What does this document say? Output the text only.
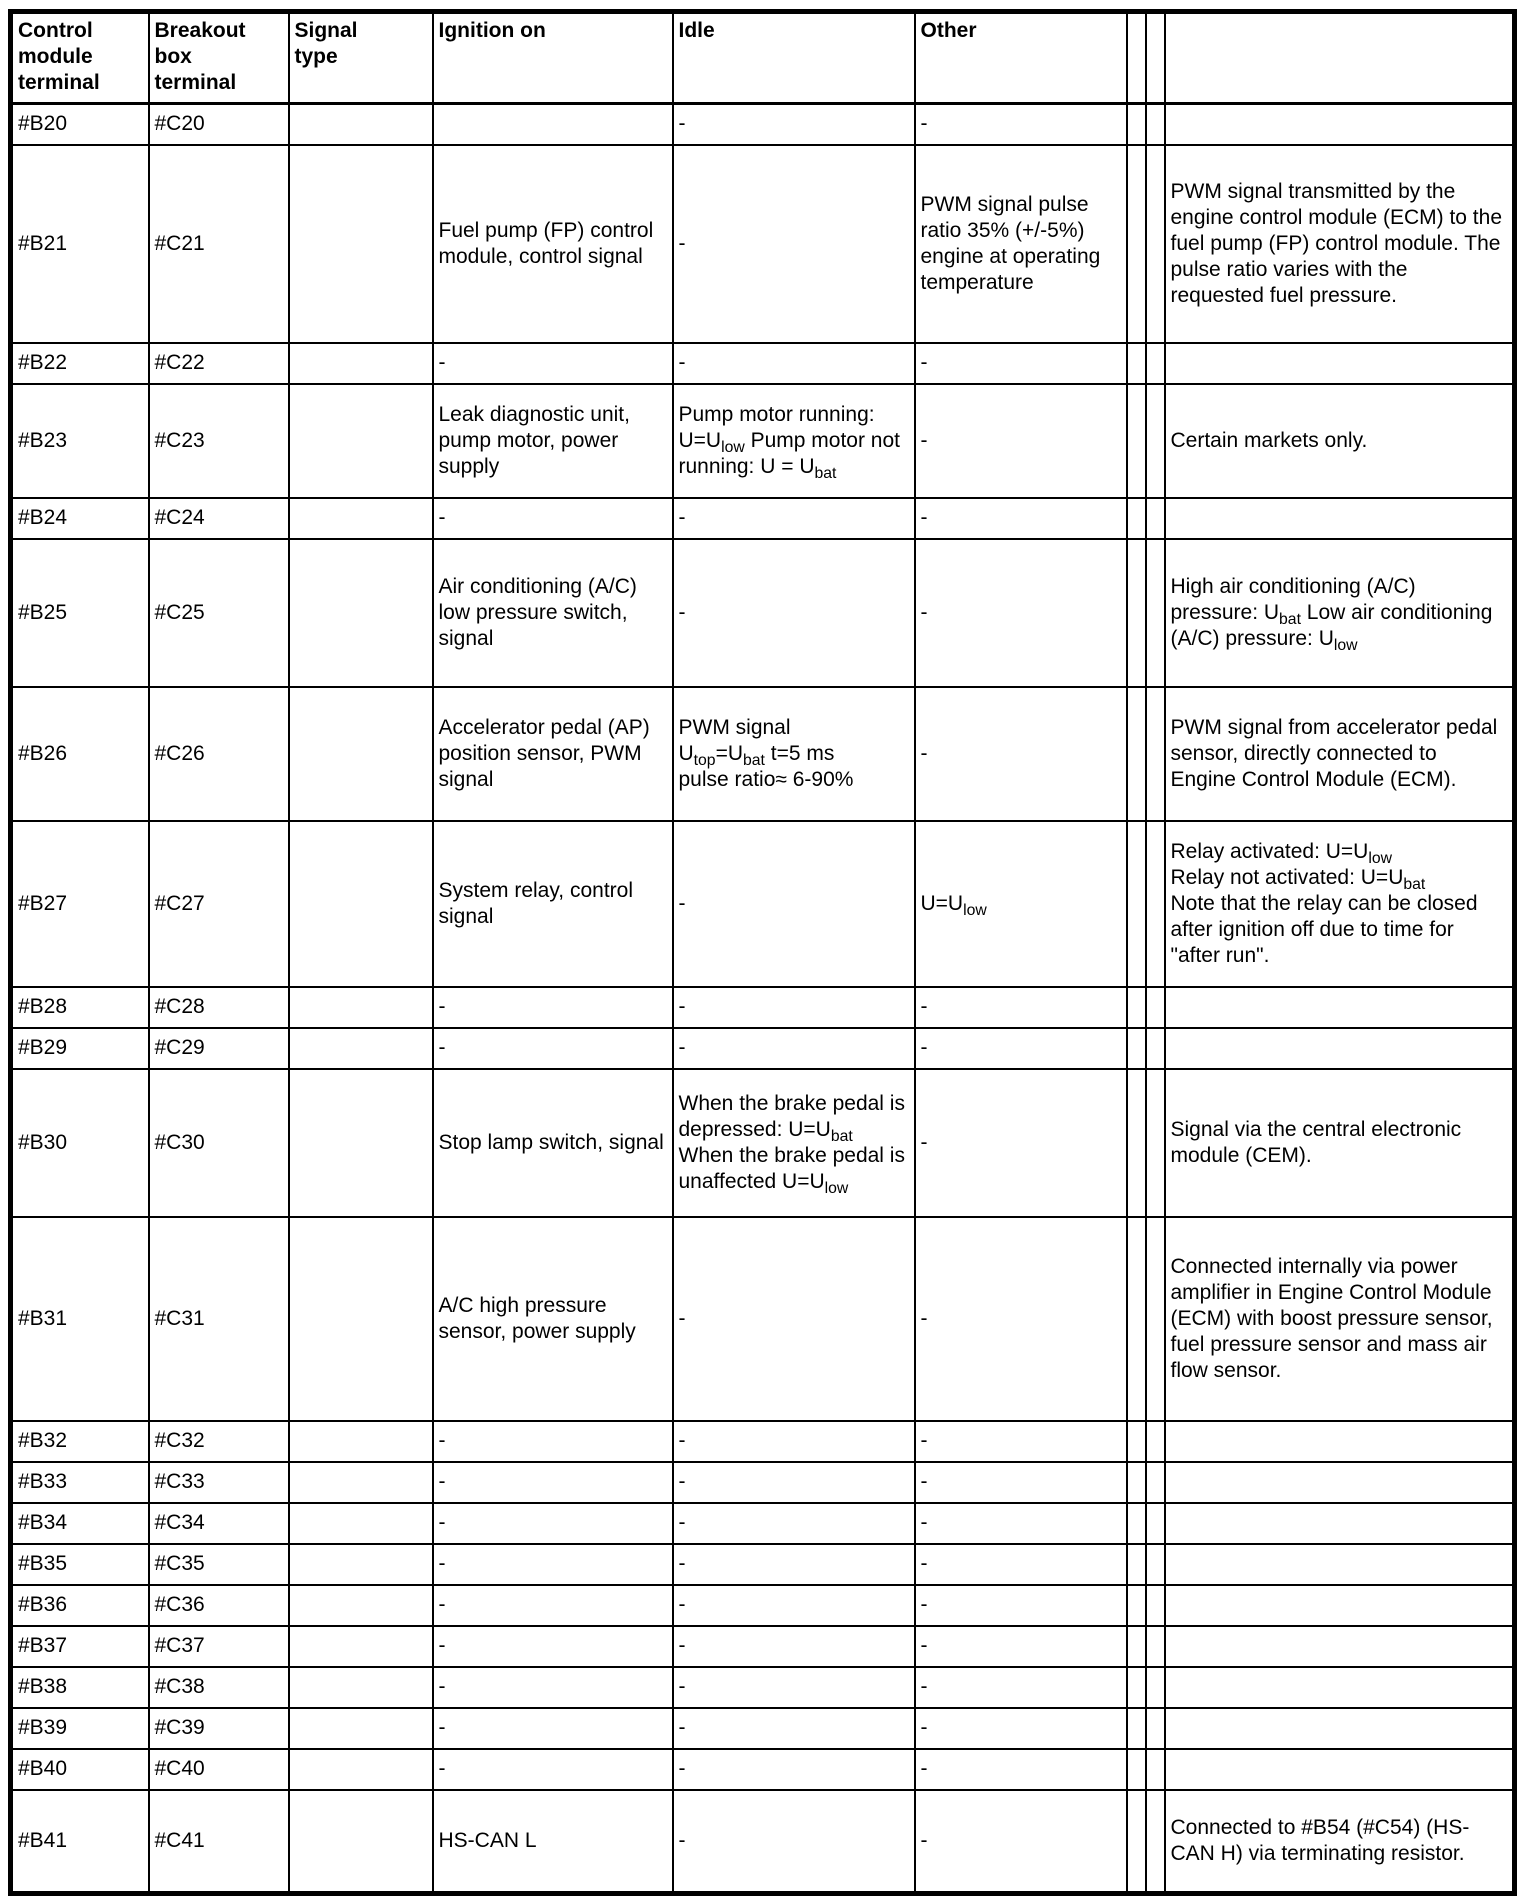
Control
module
terminal	Breakout
box
terminal	Signal
type	Ignition on	Idle	Other			
#B20	#C20			-	-			
#B21	#C21		Fuel pump (FP) control module, control signal	-	PWM signal pulse ratio 35% (+/-5%) engine at operating temperature			PWM signal transmitted by the engine control module (ECM) to the fuel pump (FP) control module. The pulse ratio varies with the requested fuel pressure.
#B22	#C22		-	-	-			
#B23	#C23		Leak diagnostic unit, pump motor, power supply	Pump motor running: $U=U_{low}$ Pump motor not running: $U = U_{bat}$	-			Certain markets only.
#B24	#C24		-	-	-			
#B25	#C25		Air conditioning (A/C) low pressure switch, signal	-	-			High air conditioning (A/C) pressure: $U_{bat}$ Low air conditioning (A/C) pressure: $U_{low}$
#B26	#C26		Accelerator pedal (AP) position sensor, PWM signal	PWM signal
$U_{top}=U_{bat}$ t=5 ms
pulse ratio≈ 6-90%	-			PWM signal from accelerator pedal sensor, directly connected to Engine Control Module (ECM).
#B27	#C27		System relay, control signal	-	$U=U_{low}$			Relay activated: $U=U_{low}$
Relay not activated: $U=U_{bat}$
Note that the relay can be closed after ignition off due to time for "after run".
#B28	#C28		-	-	-			
#B29	#C29		-	-	-			
#B30	#C30		Stop lamp switch, signal	When the brake pedal is depressed: $U=U_{bat}$
When the brake pedal is unaffected $U=U_{low}$	-			Signal via the central electronic module (CEM).
#B31	#C31		A/C high pressure sensor, power supply	-	-			Connected internally via power amplifier in Engine Control Module (ECM) with boost pressure sensor, fuel pressure sensor and mass air flow sensor.
#B32	#C32		-	-	-			
#B33	#C33		-	-	-			
#B34	#C34		-	-	-			
#B35	#C35		-	-	-			
#B36	#C36		-	-	-			
#B37	#C37		-	-	-			
#B38	#C38		-	-	-			
#B39	#C39		-	-	-			
#B40	#C40		-	-	-			
#B41	#C41		HS-CAN L	-	-			Connected to #B54 (#C54) (HS-CAN H) via terminating resistor.
